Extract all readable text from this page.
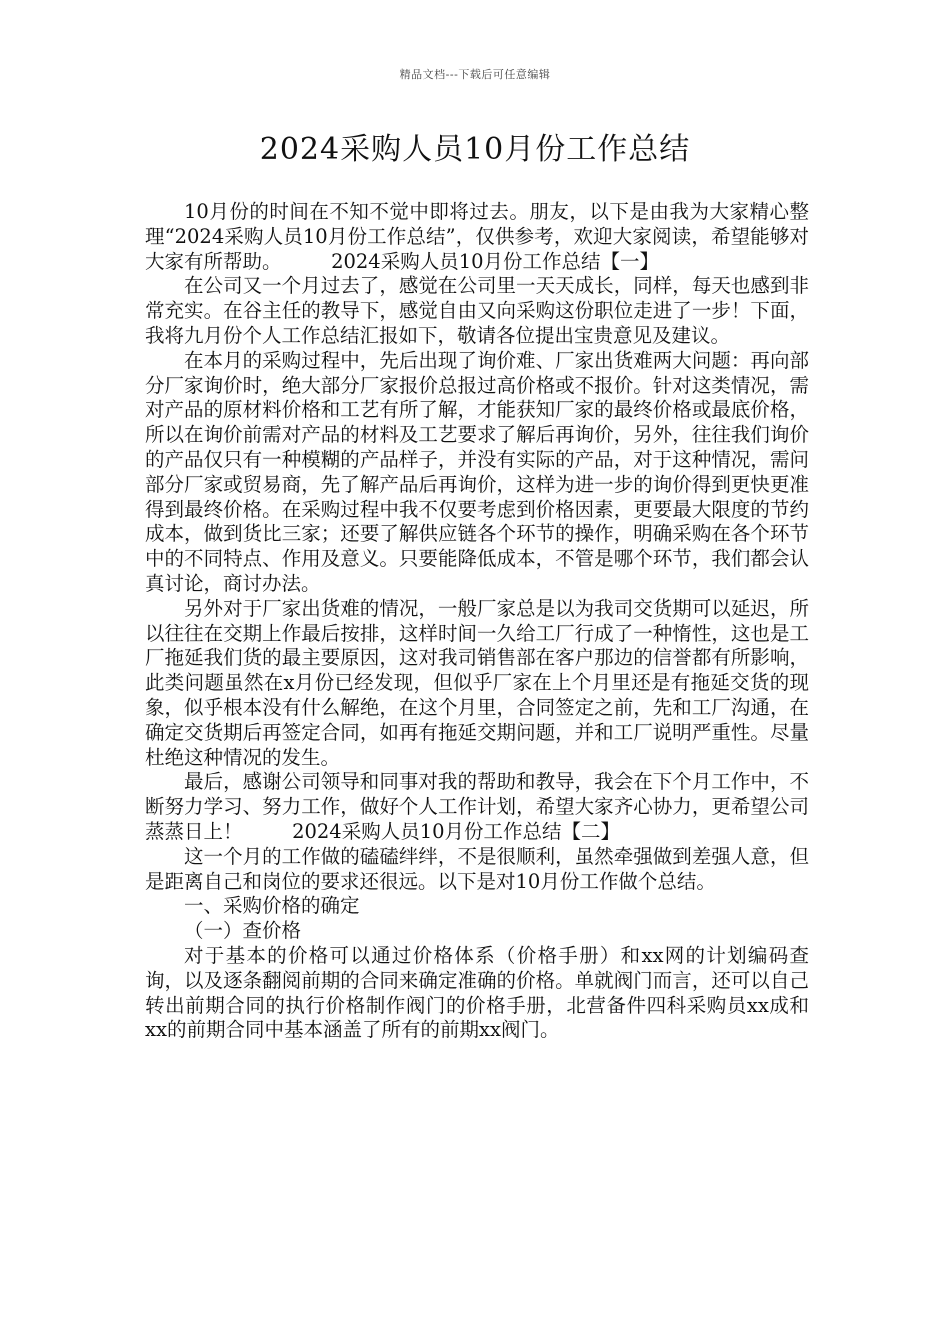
精品文档---下载后可任意编辑
2024采购人员10月份工作总结

10月份的时间在不知不觉中即将过去。朋友，以下是由我为大家精心整理“2024采购人员10月份工作总结”，仅供参考，欢迎大家阅读，希望能够对大家有所帮助。        2024采购人员10月份工作总结【一】

在公司又一个月过去了，感觉在公司里一天天成长，同样，每天也感到非常充实。在谷主任的教导下，感觉自由又向采购这份职位走进了一步！下面，我将九月份个人工作总结汇报如下，敬请各位提出宝贵意见及建议。

在本月的采购过程中，先后出现了询价难、厂家出货难两大问题：再向部分厂家询价时，绝大部分厂家报价总报过高价格或不报价。针对这类情况，需对产品的原材料价格和工艺有所了解，才能获知厂家的最终价格或最底价格，所以在询价前需对产品的材料及工艺要求了解后再询价，另外，往往我们询价的产品仅只有一种模糊的产品样子，并没有实际的产品，对于这种情况，需问部分厂家或贸易商，先了解产品后再询价，这样为进一步的询价得到更快更准得到最终价格。在采购过程中我不仅要考虑到价格因素，更要最大限度的节约成本，做到货比三家；还要了解供应链各个环节的操作，明确采购在各个环节中的不同特点、作用及意义。只要能降低成本，不管是哪个环节，我们都会认真讨论，商讨办法。

另外对于厂家出货难的情况，一般厂家总是以为我司交货期可以延迟，所以往往在交期上作最后按排，这样时间一久给工厂行成了一种惰性，这也是工厂拖延我们货的最主要原因，这对我司销售部在客户那边的信誉都有所影响，此类问题虽然在x月份已经发现，但似乎厂家在上个月里还是有拖延交货的现象，似乎根本没有什么解绝，在这个月里，合同签定之前，先和工厂沟通，在确定交货期后再签定合同，如再有拖延交期问题，并和工厂说明严重性。尽量杜绝这种情况的发生。

最后，感谢公司领导和同事对我的帮助和教导，我会在下个月工作中，不断努力学习、努力工作，做好个人工作计划，希望大家齐心协力，更希望公司蒸蒸日上！        2024采购人员10月份工作总结【二】

这一个月的工作做的磕磕绊绊，不是很顺利，虽然牵强做到差强人意，但是距离自己和岗位的要求还很远。以下是对10月份工作做个总结。

一、采购价格的确定

（一）查价格

对于基本的价格可以通过价格体系（价格手册）和xx网的计划编码查询，以及逐条翻阅前期的合同来确定准确的价格。单就阀门而言，还可以自己转出前期合同的执行价格制作阀门的价格手册，北营备件四科采购员xx成和xx的前期合同中基本涵盖了所有的前期xx阀门。
